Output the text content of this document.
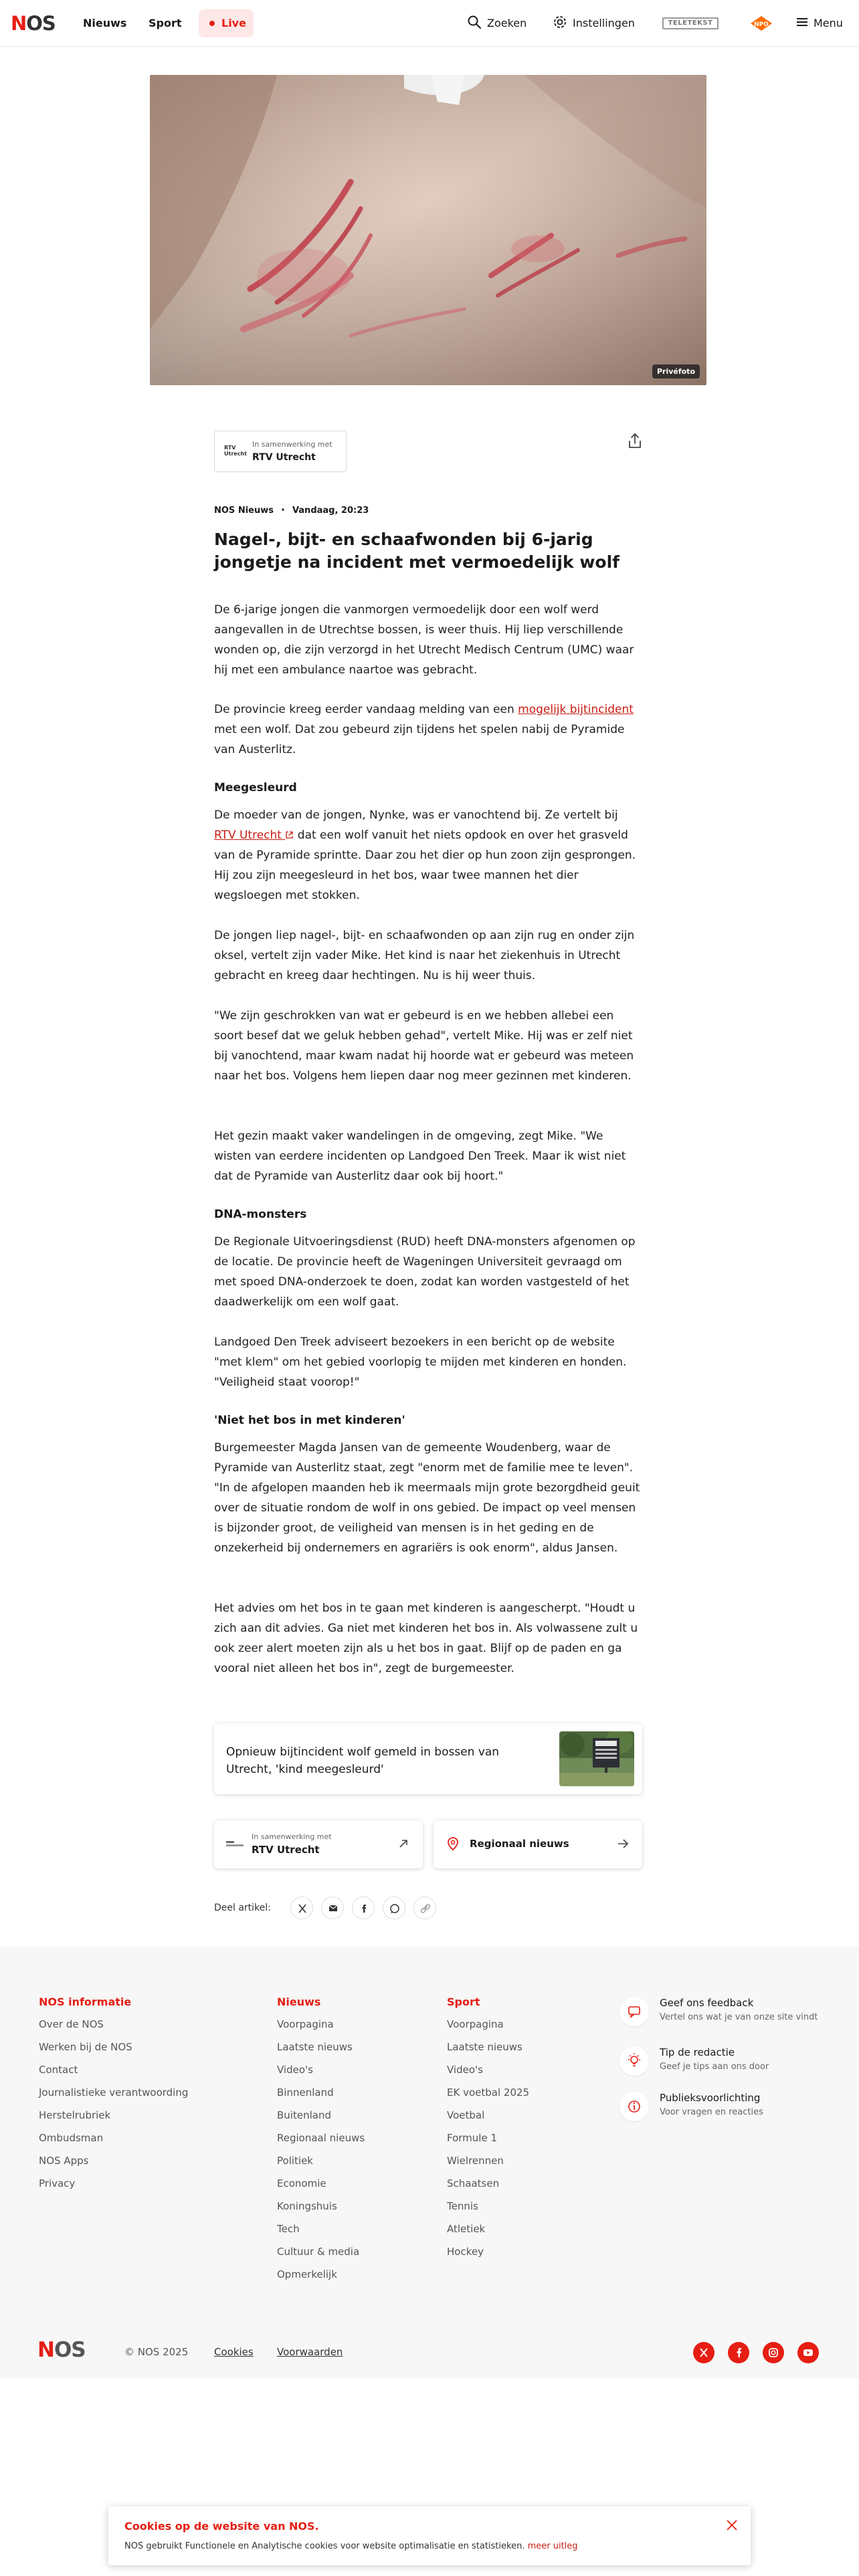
NOS	Nieuws Sport	Live	Zoeken	Instellingen	TELETEKST	NPO	Menu
Privéfoto
RTV Utrecht
In samenwerking met
RTV Utrecht
NOS Nieuws • Vandaag, 20:23
Nagel-, bijt- en schaafwonden bij 6-jarig jongetje na incident met vermoedelijk wolf

De 6-jarige jongen die vanmorgen vermoedelijk door een wolf werd aangevallen in de Utrechtse bossen, is weer thuis. Hij liep verschillende wonden op, die zijn verzorgd in het Utrecht Medisch Centrum (UMC) waar hij met een ambulance naartoe was gebracht.

De provincie kreeg eerder vandaag melding van een mogelijk bijtincident met een wolf. Dat zou gebeurd zijn tijdens het spelen nabij de Pyramide van Austerlitz.

Meegesleurd

De moeder van de jongen, Nynke, was er vanochtend bij. Ze vertelt bij RTV Utrecht  dat een wolf vanuit het niets opdook en over het grasveld van de Pyramide sprintte. Daar zou het dier op hun zoon zijn gesprongen. Hij zou zijn meegesleurd in het bos, waar twee mannen het dier wegsloegen met stokken.

De jongen liep nagel-, bijt- en schaafwonden op aan zijn rug en onder zijn oksel, vertelt zijn vader Mike. Het kind is naar het ziekenhuis in Utrecht gebracht en kreeg daar hechtingen. Nu is hij weer thuis.

"We zijn geschrokken van wat er gebeurd is en we hebben allebei een soort besef dat we geluk hebben gehad", vertelt Mike. Hij was er zelf niet bij vanochtend, maar kwam nadat hij hoorde wat er gebeurd was meteen naar het bos. Volgens hem liepen daar nog meer gezinnen met kinderen.

Het gezin maakt vaker wandelingen in de omgeving, zegt Mike. "We wisten van eerdere incidenten op Landgoed Den Treek. Maar ik wist niet dat de Pyramide van Austerlitz daar ook bij hoort."

DNA-monsters

De Regionale Uitvoeringsdienst (RUD) heeft DNA-monsters afgenomen op de locatie. De provincie heeft de Wageningen Universiteit gevraagd om met spoed DNA-onderzoek te doen, zodat kan worden vastgesteld of het daadwerkelijk om een wolf gaat.

Landgoed Den Treek adviseert bezoekers in een bericht op de website "met klem" om het gebied voorlopig te mijden met kinderen en honden. "Veiligheid staat voorop!"

'Niet het bos in met kinderen'

Burgemeester Magda Jansen van de gemeente Woudenberg, waar de Pyramide van Austerlitz staat, zegt "enorm met de familie mee te leven". "In de afgelopen maanden heb ik meermaals mijn grote bezorgdheid geuit over de situatie rondom de wolf in ons gebied. De impact op veel mensen is bijzonder groot, de veiligheid van mensen is in het geding en de onzekerheid bij ondernemers en agrariërs is ook enorm", aldus Jansen.

Het advies om het bos in te gaan met kinderen is aangescherpt. "Houdt u zich aan dit advies. Ga niet met kinderen het bos in. Als volwassene zult u ook zeer alert moeten zijn als u het bos in gaat. Blijf op de paden en ga vooral niet alleen het bos in", zegt de burgemeester.

Opnieuw bijtincident wolf gemeld in bossen van Utrecht, 'kind meegesleurd'
In samenwerking met
RTV Utrecht	Regionaal nieuws
Deel artikel:
NOS informatie
Over de NOS
Werken bij de NOS
Contact
Journalistieke verantwoording
Herstelrubriek
Ombudsman
NOS Apps
Privacy
Nieuws
Voorpagina
Laatste nieuws
Video's
Binnenland
Buitenland
Regionaal nieuws
Politiek
Economie
Koningshuis
Tech
Cultuur & media
Opmerkelijk
Sport
Voorpagina
Laatste nieuws
Video's
EK voetbal 2025
Voetbal
Formule 1
Wielrennen
Schaatsen
Tennis
Atletiek
Hockey
Geef ons feedback
Vertel ons wat je van onze site vindt
Tip de redactie
Geef je tips aan ons door
Publieksvoorlichting
Voor vragen en reacties
NOS	© NOS 2025	Cookies Voorwaarden
Cookies op de website van NOS.
NOS gebruikt Functionele en Analytische cookies voor website optimalisatie en statistieken. meer uitleg
